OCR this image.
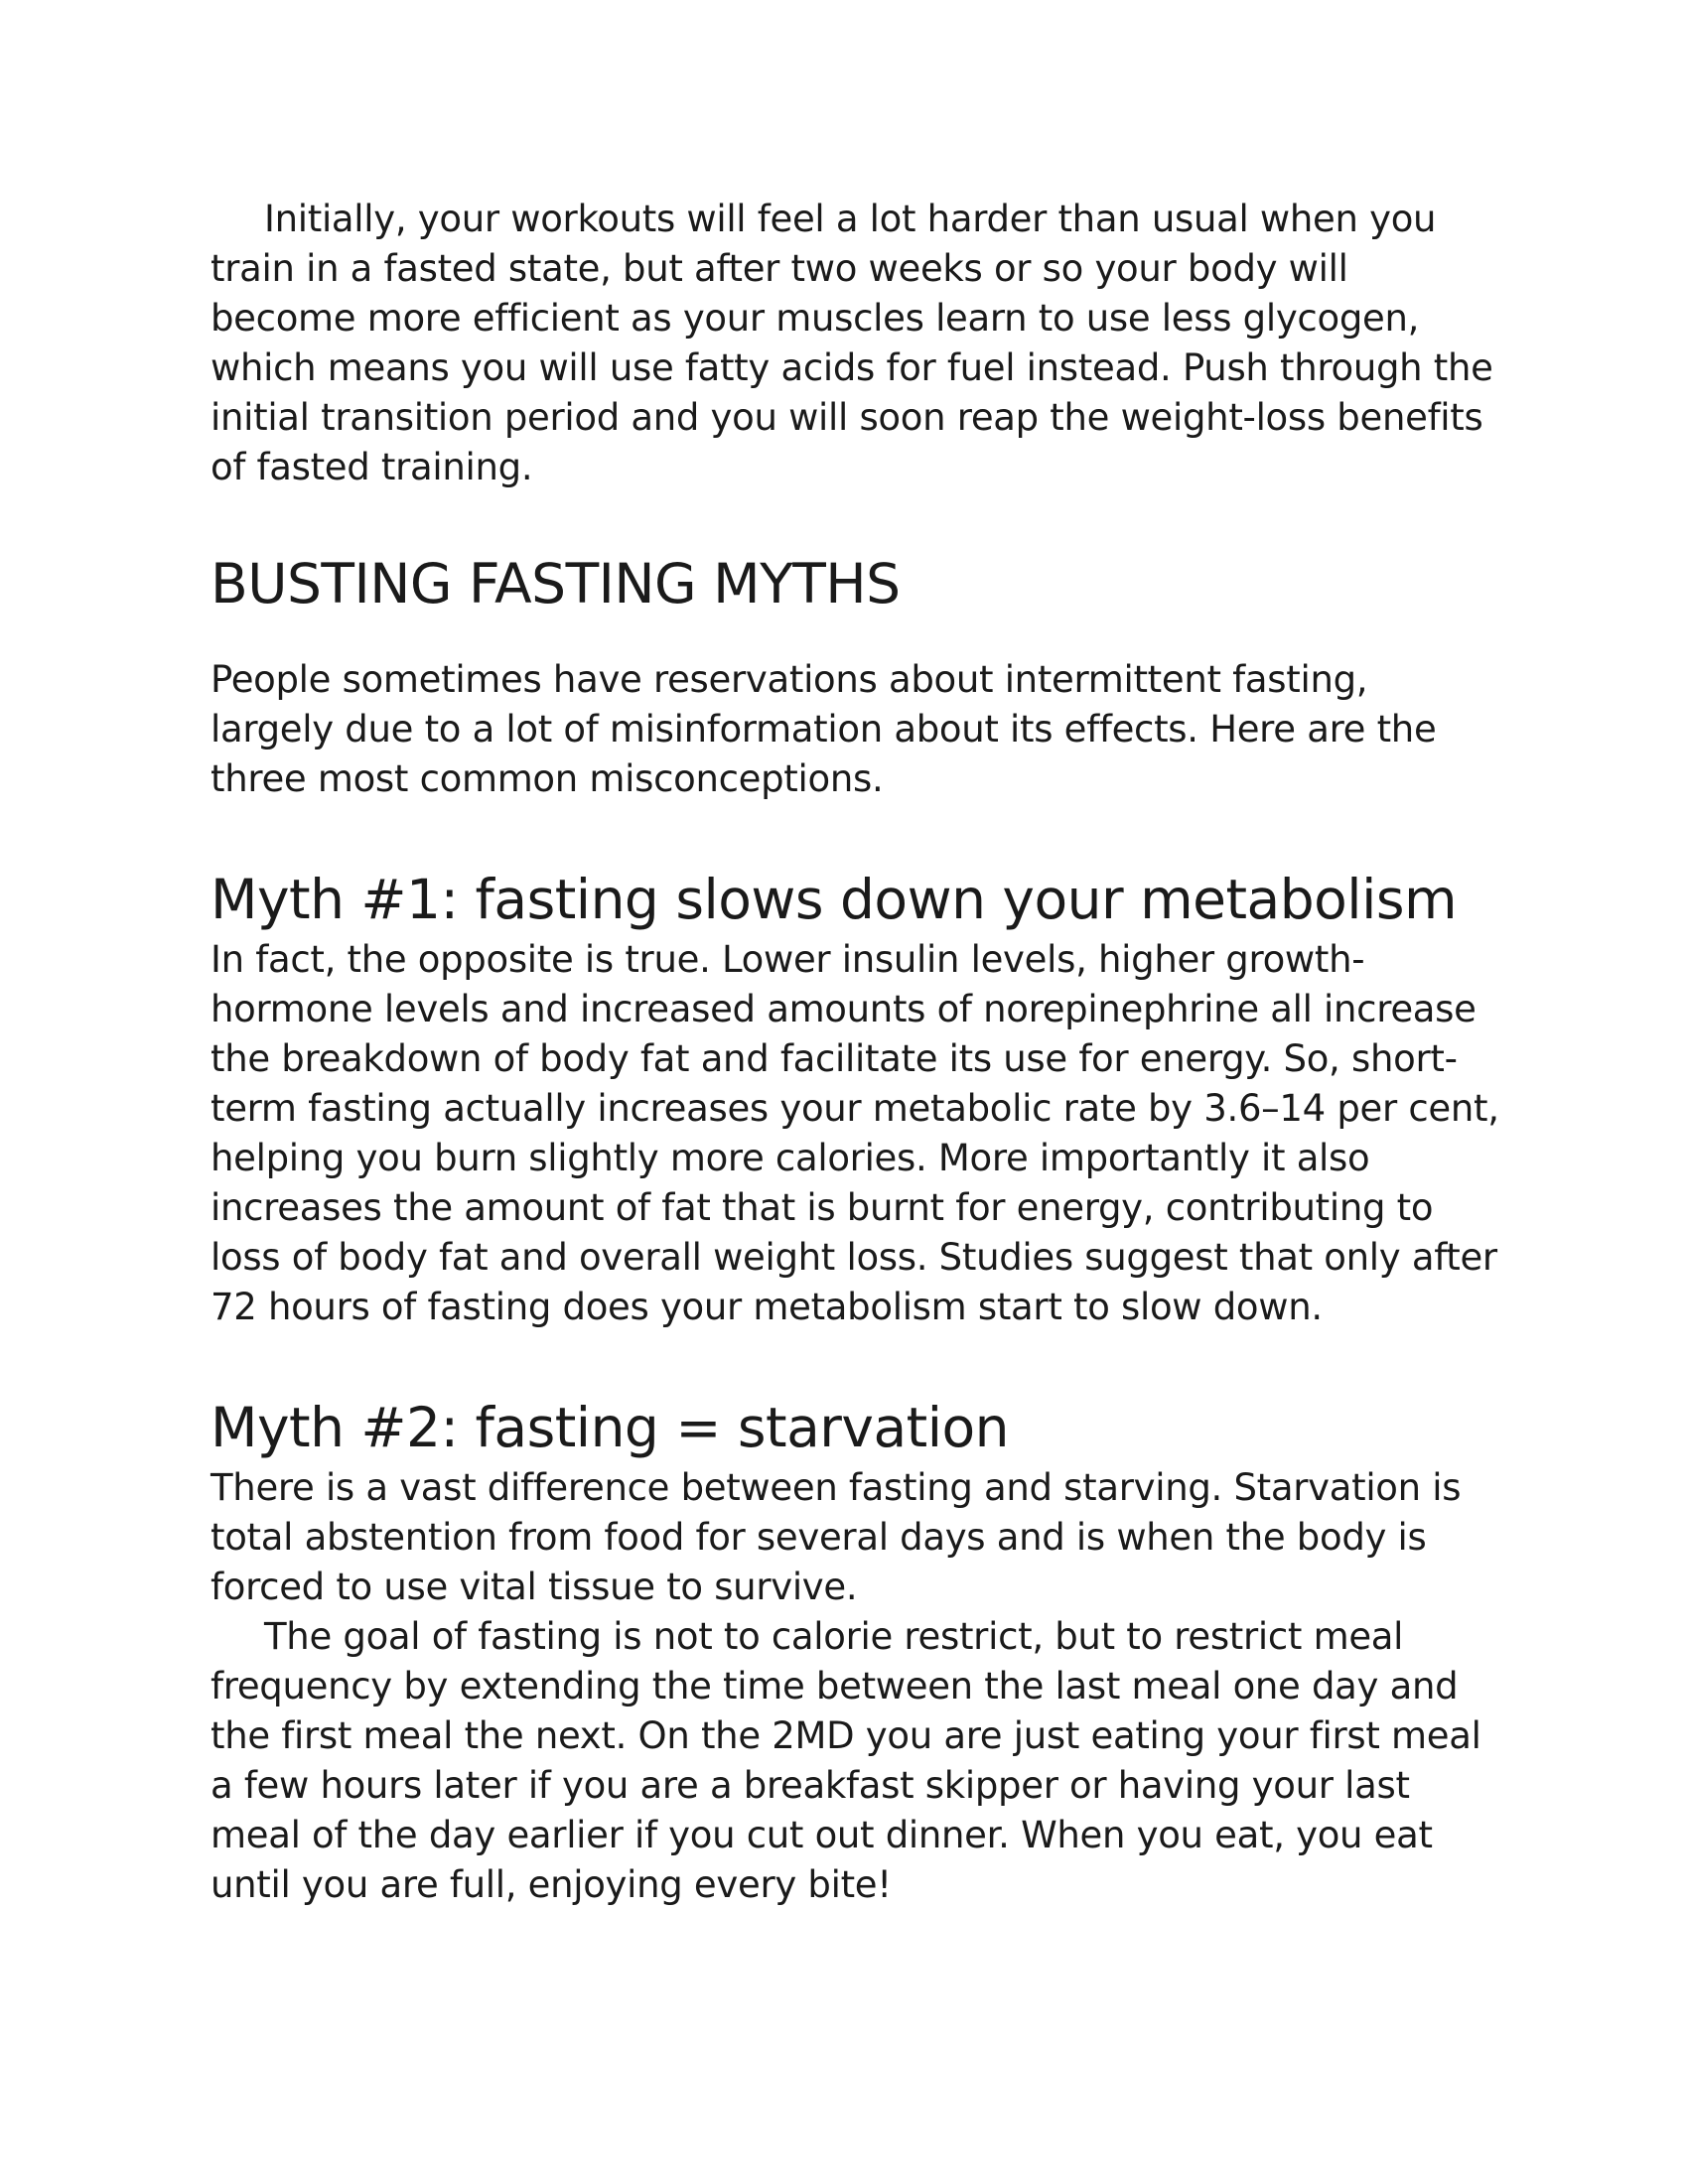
Initially, your workouts will feel a lot harder than usual when you train in a fasted state, but after two weeks or so your body will become more efficient as your muscles learn to use less glycogen, which means you will use fatty acids for fuel instead. Push through the initial transition period and you will soon reap the weight-loss benefits of fasted training.

BUSTING FASTING MYTHS

People sometimes have reservations about intermittent fasting, largely due to a lot of misinformation about its effects. Here are the three most common misconceptions.

Myth #1: fasting slows down your metabolism

In fact, the opposite is true. Lower insulin levels, higher growth-hormone levels and increased amounts of norepinephrine all increase the breakdown of body fat and facilitate its use for energy. So, short-term fasting actually increases your metabolic rate by 3.6–14 per cent, helping you burn slightly more calories. More importantly it also increases the amount of fat that is burnt for energy, contributing to loss of body fat and overall weight loss. Studies suggest that only after 72 hours of fasting does your metabolism start to slow down.

Myth #2: fasting = starvation

There is a vast difference between fasting and starving. Starvation is total abstention from food for several days and is when the body is forced to use vital tissue to survive.

The goal of fasting is not to calorie restrict, but to restrict meal frequency by extending the time between the last meal one day and the first meal the next. On the 2MD you are just eating your first meal a few hours later if you are a breakfast skipper or having your last meal of the day earlier if you cut out dinner. When you eat, you eat until you are full, enjoying every bite!
